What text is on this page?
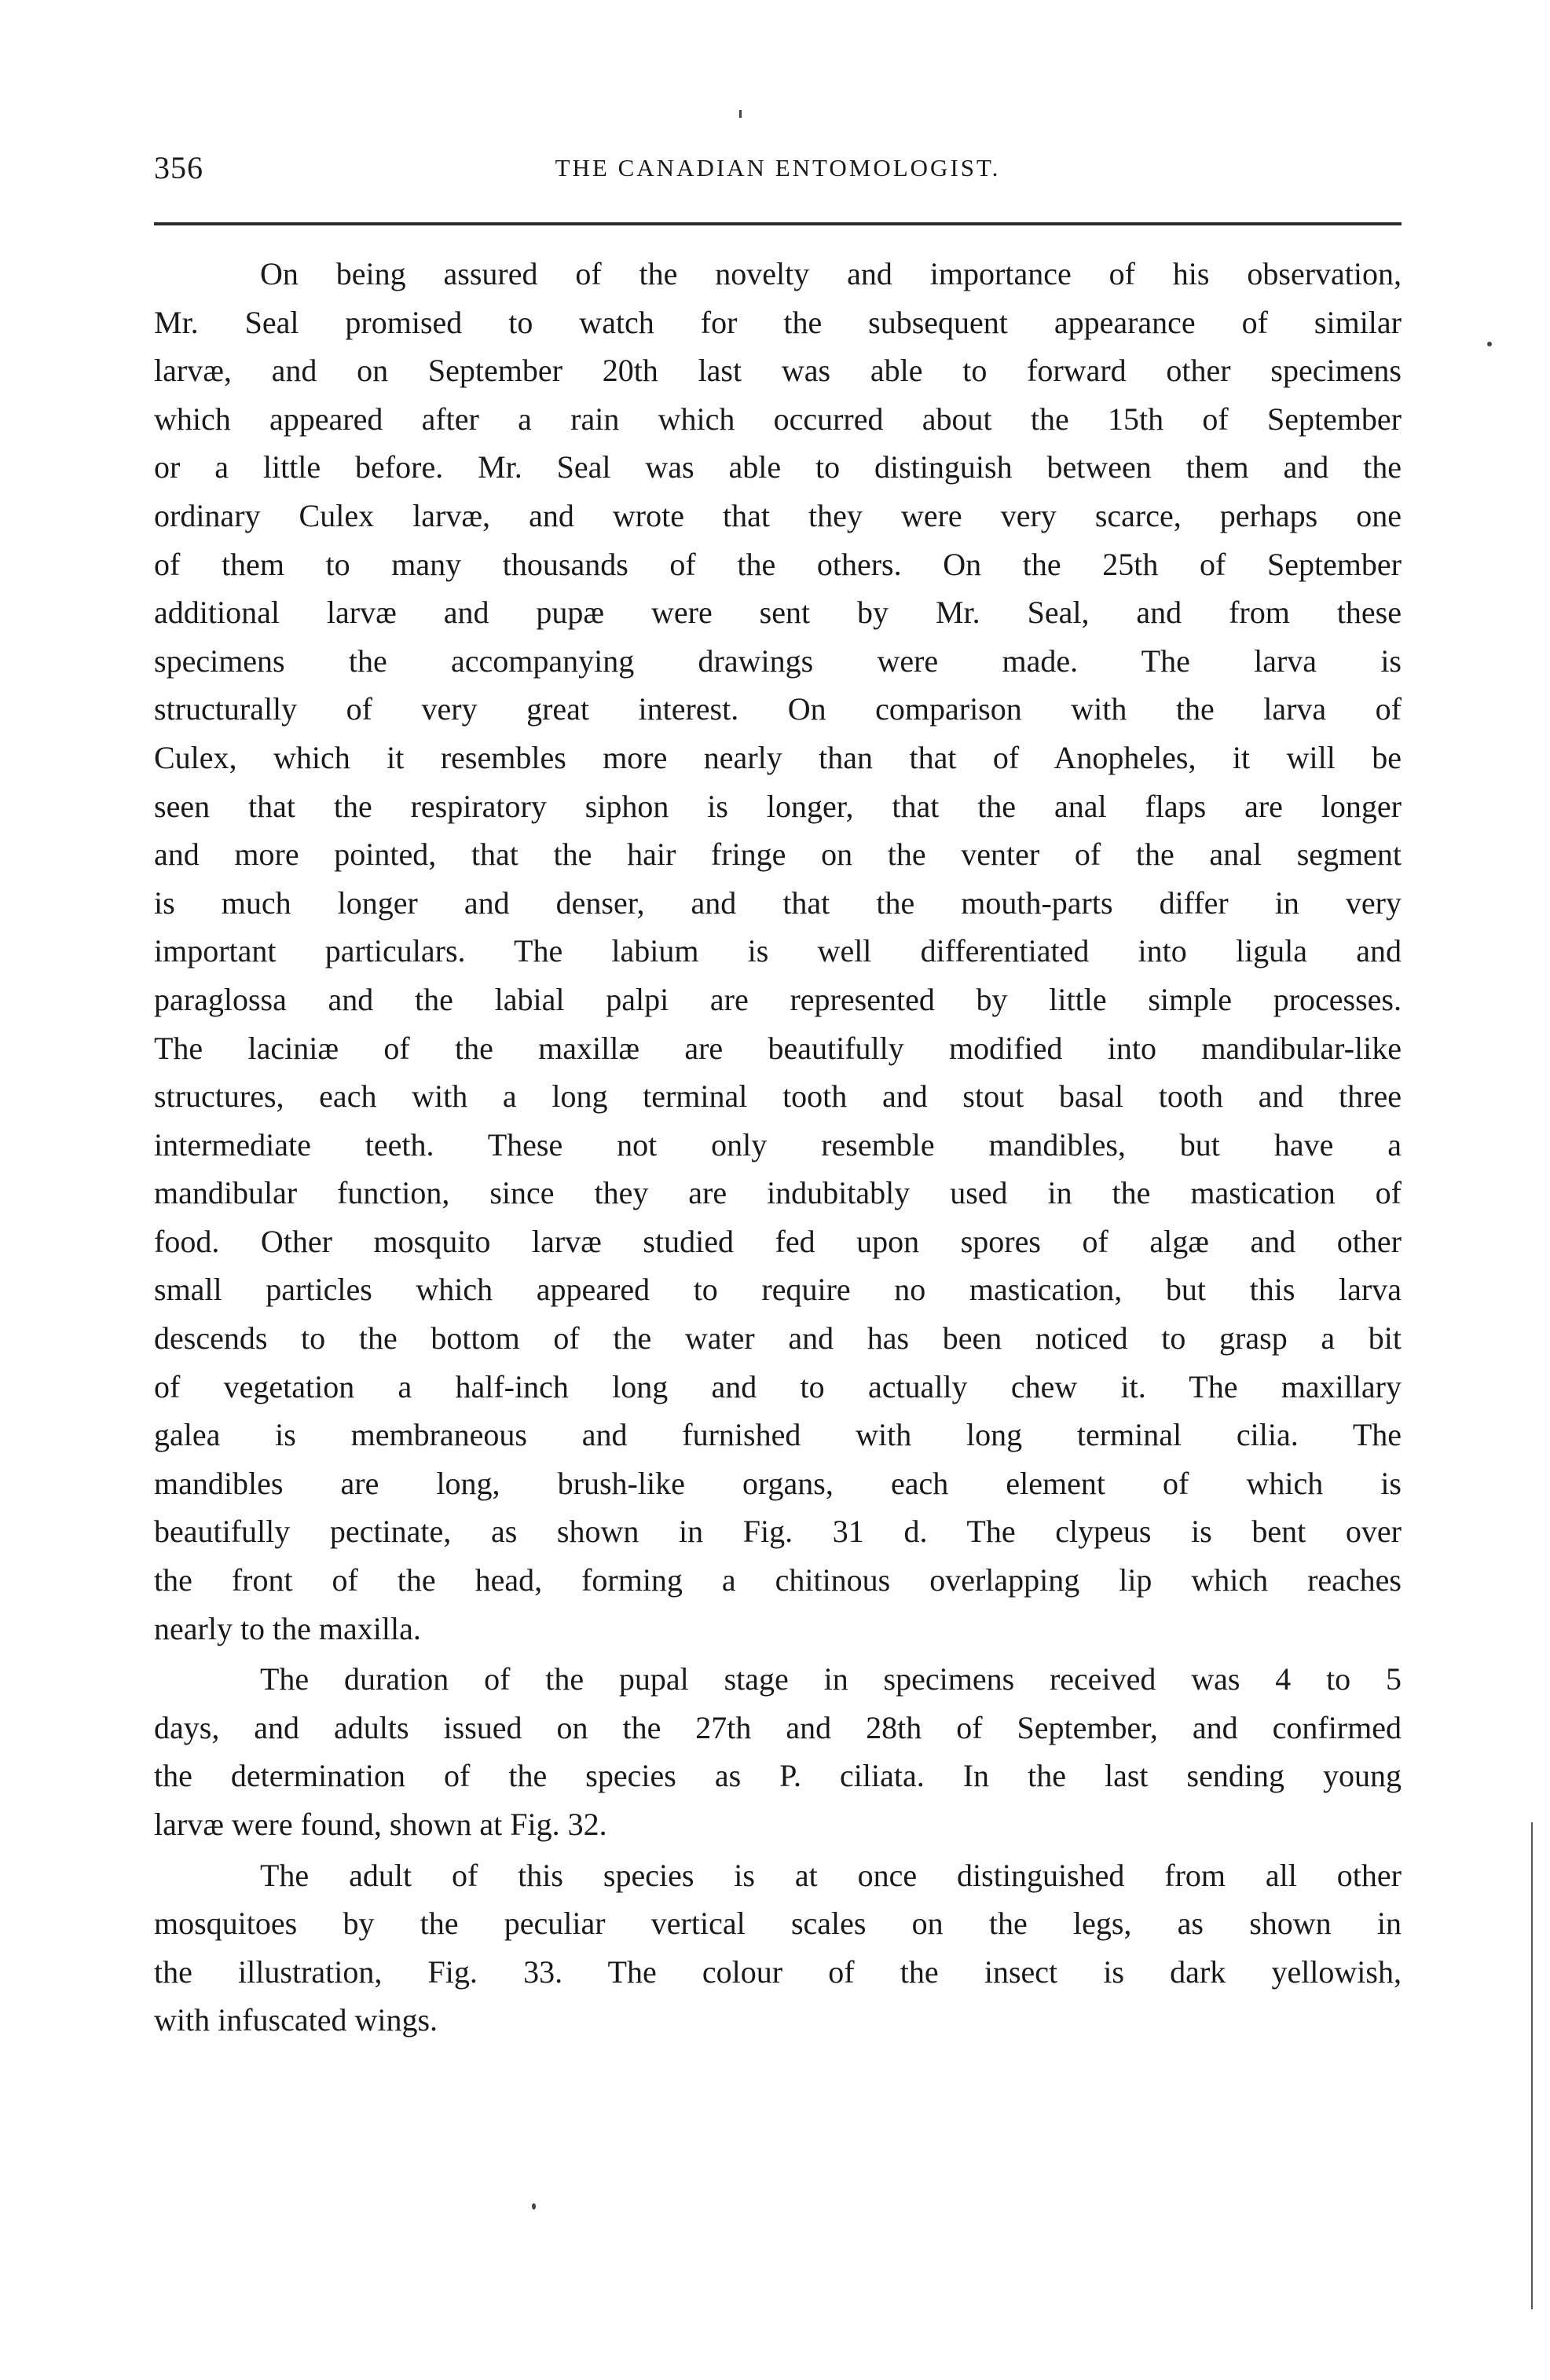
356	THE CANADIAN ENTOMOLOGIST.
On being assured of the novelty and importance of his observation,
Mr. Seal promised to watch for the subsequent appearance of similar
larvæ, and on September 20th last was able to forward other specimens
which appeared after a rain which occurred about the 15th of September
or a little before. Mr. Seal was able to distinguish between them and the
ordinary Culex larvæ, and wrote that they were very scarce, perhaps one
of them to many thousands of the others. On the 25th of September
additional larvæ and pupæ were sent by Mr. Seal, and from these
specimens the accompanying drawings were made. The larva is
structurally of very great interest. On comparison with the larva of
Culex, which it resembles more nearly than that of Anopheles, it will be
seen that the respiratory siphon is longer, that the anal flaps are longer
and more pointed, that the hair fringe on the venter of the anal segment
is much longer and denser, and that the mouth-parts differ in very
important particulars. The labium is well differentiated into ligula and
paraglossa and the labial palpi are represented by little simple processes.
The laciniæ of the maxillæ are beautifully modified into mandibular-like
structures, each with a long terminal tooth and stout basal tooth and three
intermediate teeth. These not only resemble mandibles, but have a
mandibular function, since they are indubitably used in the mastication of
food. Other mosquito larvæ studied fed upon spores of algæ and other
small particles which appeared to require no mastication, but this larva
descends to the bottom of the water and has been noticed to grasp a bit
of vegetation a half-inch long and to actually chew it. The maxillary
galea is membraneous and furnished with long terminal cilia. The
mandibles are long, brush-like organs, each element of which is
beautifully pectinate, as shown in Fig. 31 d. The clypeus is bent over
the front of the head, forming a chitinous overlapping lip which reaches
nearly to the maxilla.
The duration of the pupal stage in specimens received was 4 to 5
days, and adults issued on the 27th and 28th of September, and confirmed
the determination of the species as P. ciliata. In the last sending young
larvæ were found, shown at Fig. 32.
The adult of this species is at once distinguished from all other
mosquitoes by the peculiar vertical scales on the legs, as shown in
the illustration, Fig. 33. The colour of the insect is dark yellowish,
with infuscated wings.
